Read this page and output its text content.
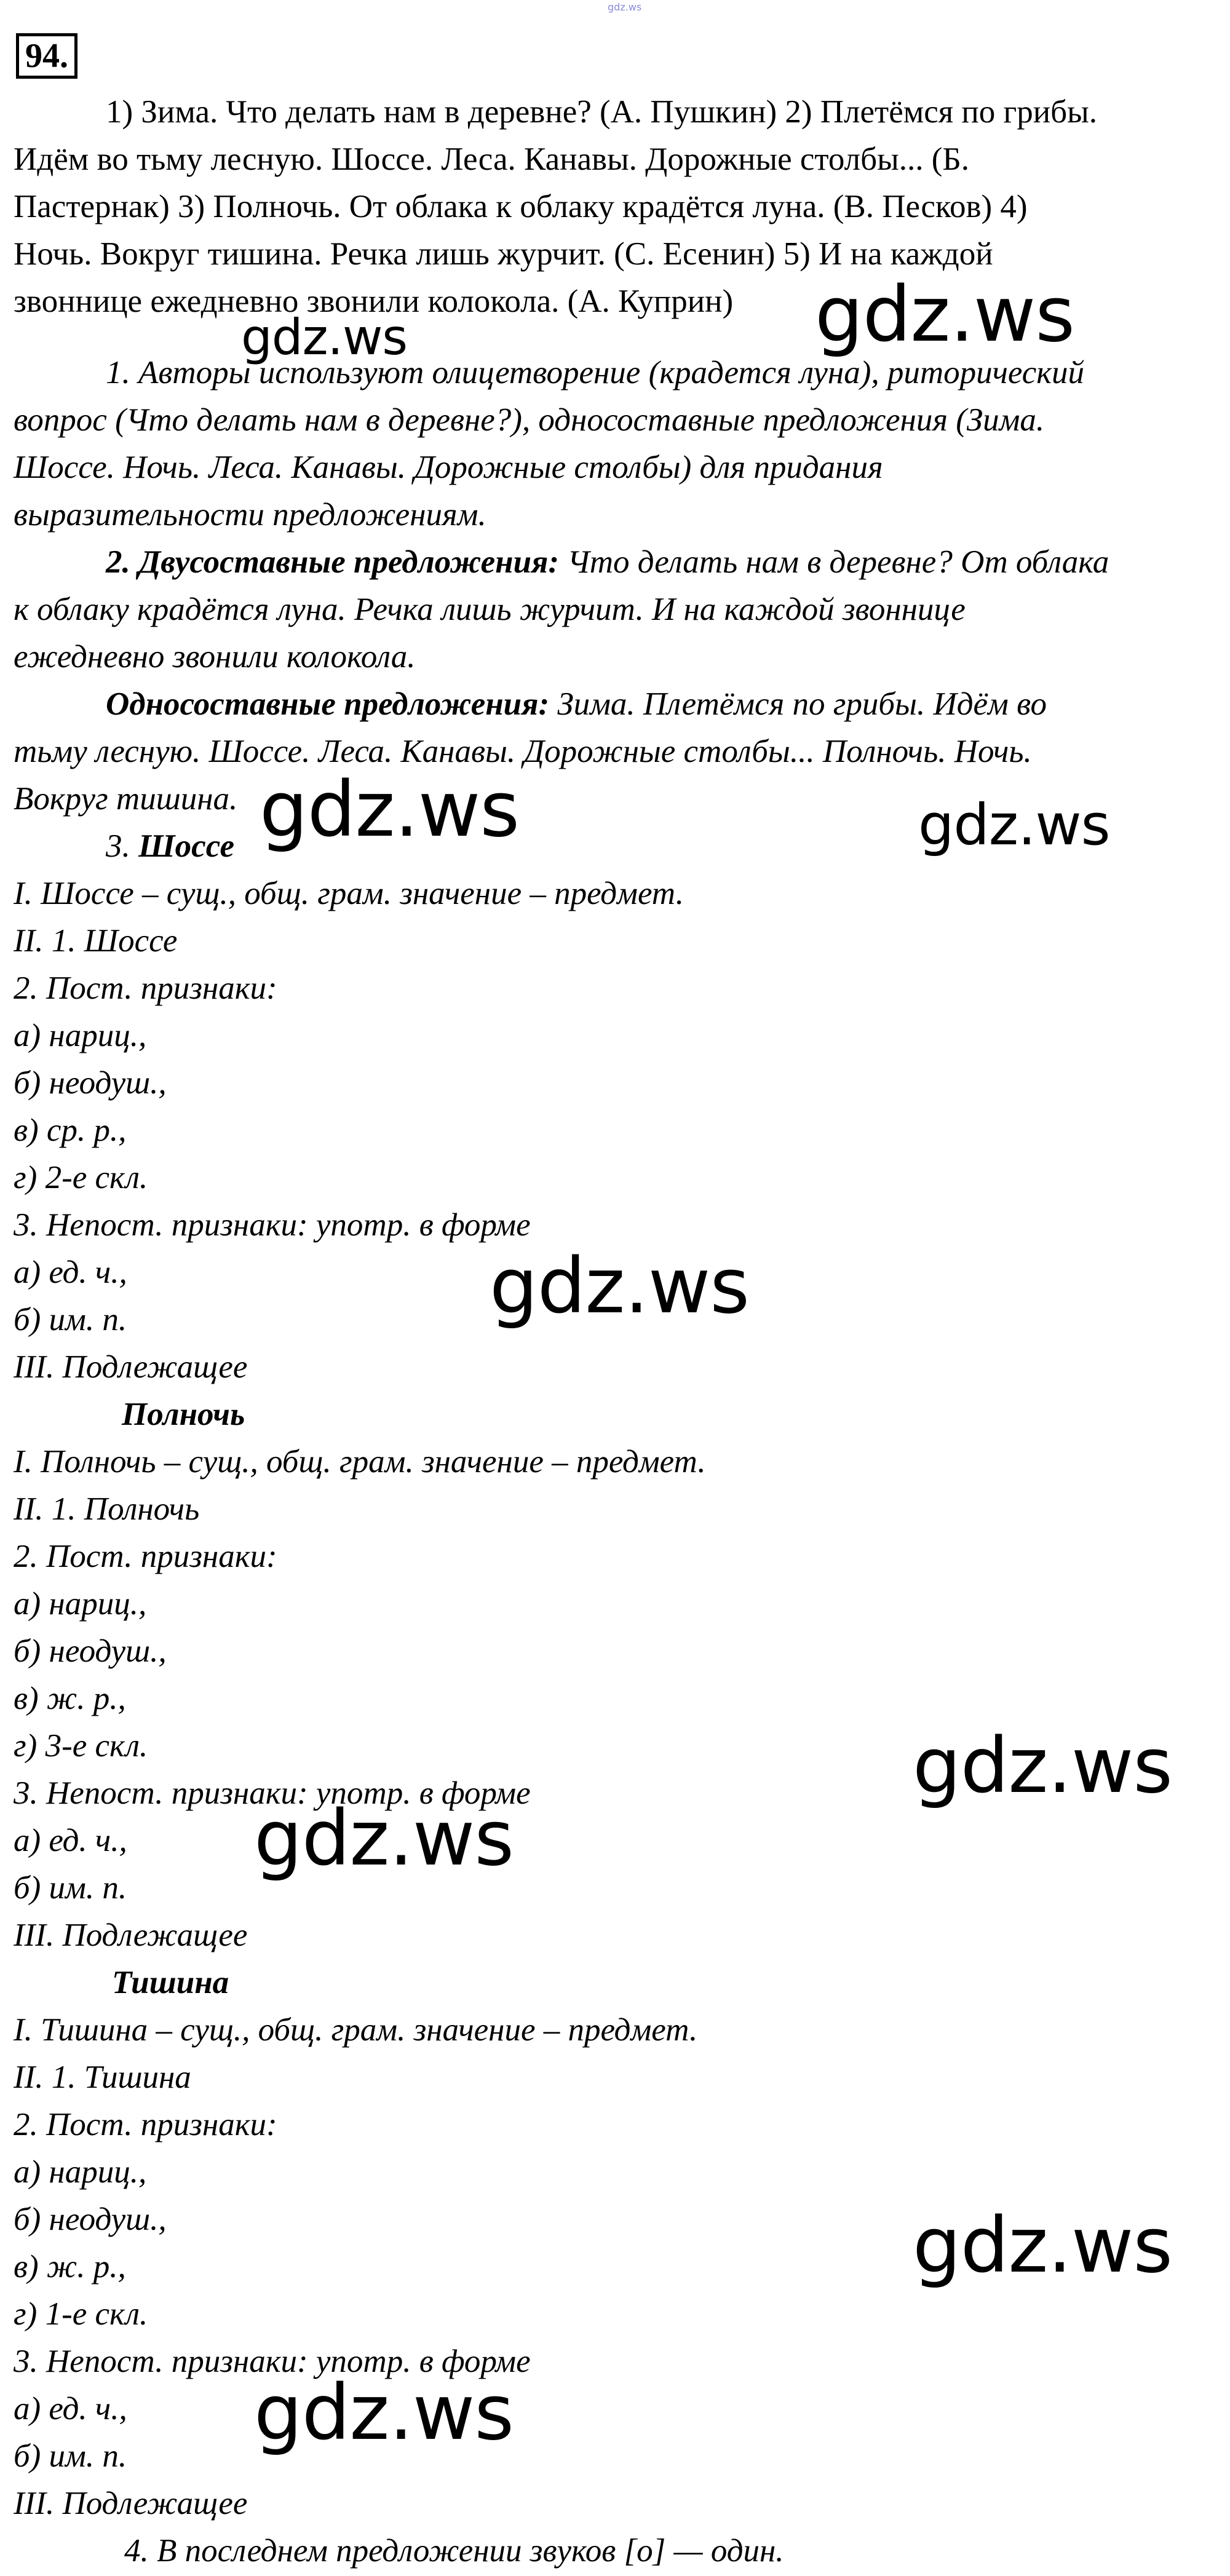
gdz.ws
94.
1) Зима. Что делать нам в деревне? (А. Пушкин) 2) Плетёмся по грибы.
Идём во тьму лесную. Шоссе. Леса. Канавы. Дорожные столбы... (Б.
Пастернак) 3) Полночь. От облака к облаку крадётся луна. (В. Песков) 4)
Ночь. Вокруг тишина. Речка лишь журчит. (С. Есенин) 5) И на каждой
звоннице ежедневно звонили колокола. (А. Куприн)
1. Авторы используют олицетворение (крадется луна), риторический
вопрос (Что делать нам в деревне?), односоставные предложения (Зима.
Шоссе. Ночь. Леса. Канавы. Дорожные столбы) для придания
выразительности предложениям.
2. Двусоставные предложения: Что делать нам в деревне? От облака
к облаку крадётся луна. Речка лишь журчит. И на каждой звоннице
ежедневно звонили колокола.
Односоставные предложения: Зима. Плетёмся по грибы. Идём во
тьму лесную. Шоссе. Леса. Канавы. Дорожные столбы... Полночь. Ночь.
Вокруг тишина.
3. Шоссе
I. Шоссе – сущ., общ. грам. значение – предмет.
II. 1. Шоссе
2. Пост. признаки:
а) нариц.,
б) неодуш.,
в) ср. р.,
г) 2-е скл.
3. Непост. признаки: употр. в форме
а) ед. ч.,
б) им. п.
III. Подлежащее
Полночь
I. Полночь – сущ., общ. грам. значение – предмет.
II. 1. Полночь
2. Пост. признаки:
а) нариц.,
б) неодуш.,
в) ж. р.,
г) 3-е скл.
3. Непост. признаки: употр. в форме
а) ед. ч.,
б) им. п.
III. Подлежащее
Тишина
I. Тишина – сущ., общ. грам. значение – предмет.
II. 1. Тишина
2. Пост. признаки:
а) нариц.,
б) неодуш.,
в) ж. р.,
г) 1-е скл.
3. Непост. признаки: употр. в форме
а) ед. ч.,
б) им. п.
III. Подлежащее
4. В последнем предложении звуков [о] — один.
gdz.ws
gdz.ws
gdz.ws	gdz.ws
gdz.ws
gdz.ws
gdz.ws
gdz.ws
gdz.ws
